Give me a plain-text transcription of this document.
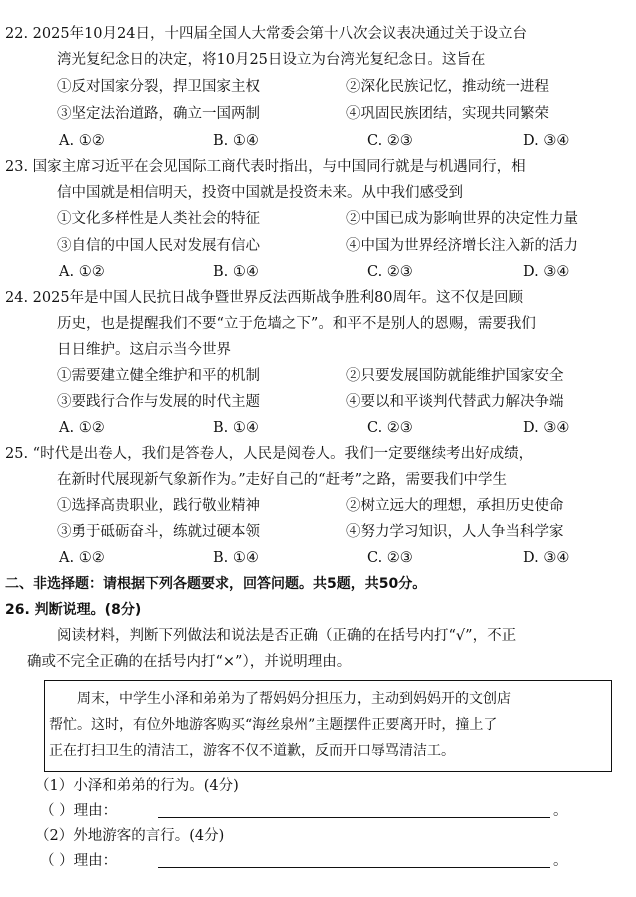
22. 2025年10月24日，十四届全国人大常委会第十八次会议表决通过关于设立台
湾光复纪念日的决定，将10月25日设立为台湾光复纪念日。这旨在
①反对国家分裂，捍卫国家主权	②深化民族记忆，推动统一进程
③坚定法治道路，确立一国两制	④巩固民族团结，实现共同繁荣
A. ①②	B. ①④	C. ②③	D. ③④
23. 国家主席习近平在会见国际工商代表时指出，与中国同行就是与机遇同行，相
信中国就是相信明天，投资中国就是投资未来。从中我们感受到
①文化多样性是人类社会的特征	②中国已成为影响世界的决定性力量
③自信的中国人民对发展有信心	④中国为世界经济增长注入新的活力
A. ①②	B. ①④	C. ②③	D. ③④
24. 2025年是中国人民抗日战争暨世界反法西斯战争胜利80周年。这不仅是回顾
历史，也是提醒我们不要“立于危墙之下”。和平不是别人的恩赐，需要我们
日日维护。这启示当今世界
①需要建立健全维护和平的机制	②只要发展国防就能维护国家安全
③要践行合作与发展的时代主题	④要以和平谈判代替武力解决争端
A. ①②	B. ①④	C. ②③	D. ③④
25. “时代是出卷人，我们是答卷人，人民是阅卷人。我们一定要继续考出好成绩，
在新时代展现新气象新作为。”走好自己的“赶考”之路，需要我们中学生
①选择高贵职业，践行敬业精神	②树立远大的理想，承担历史使命
③勇于砥砺奋斗，练就过硬本领	④努力学习知识，人人争当科学家
A. ①②	B. ①④	C. ②③	D. ③④
二、非选择题：请根据下列各题要求，回答问题。共5题，共50分。
26. 判断说理。(8分)
阅读材料，判断下列做法和说法是否正确（正确的在括号内打“√”，不正
确或不完全正确的在括号内打“×”），并说明理由。
周末，中学生小泽和弟弟为了帮妈妈分担压力，主动到妈妈开的文创店
帮忙。这时，有位外地游客购买“海丝泉州”主题摆件正要离开时，撞上了
正在打扫卫生的清洁工，游客不仅不道歉，反而开口辱骂清洁工。
（1）小泽和弟弟的行为。(4分)
（ ）理由：	。
（2）外地游客的言行。(4分)
（ ）理由：	。
